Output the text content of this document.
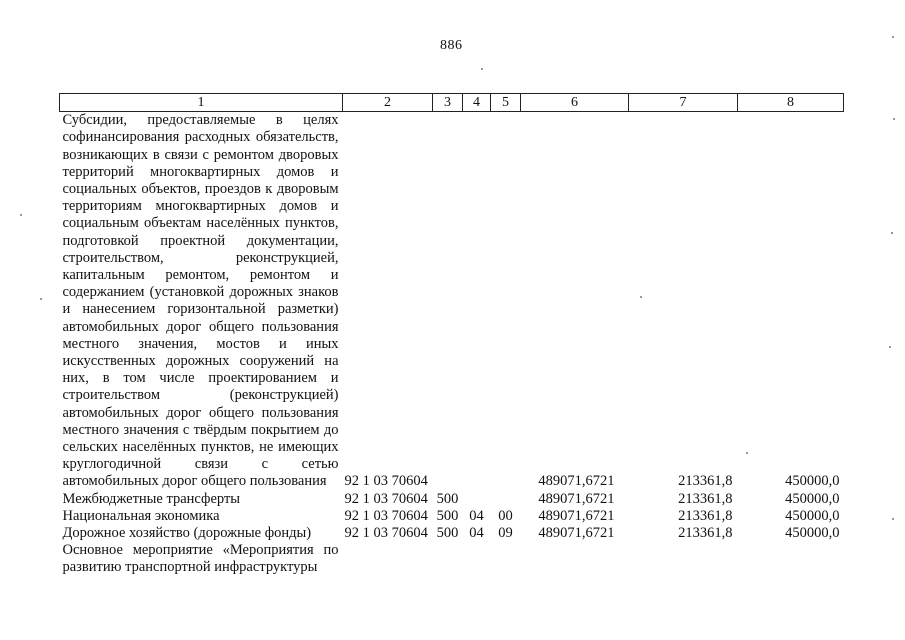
886
1	2	3	4	5	6	7	8
Субсидии, предоставляемые в целях софинансирования расходных обязательств, возникающих в связи с ремонтом дворовых территорий многоквартирных домов и социальных объектов, проездов к дворовым территориям многоквартирных домов и социальным объектам населённых пунктов, подготовкой проектной документации, строительством, реконструкцией, капитальным ремонтом, ремонтом и содержанием (установкой дорожных знаков и нанесением горизонтальной разметки) автомобильных дорог общего пользования местного значения, мостов и иных искусственных дорожных сооружений на них, в том числе проектированием и строительством (реконструкцией) автомобильных дорог общего пользования местного значения с твёрдым покрытием до сельских населённых пунктов, не имеющих круглогодичной связи с сетью автомобильных дорог общего пользования	92 1 03 70604				489071,6721	213361,8	450000,0
Межбюджетные трансферты	92 1 03 70604	500			489071,6721	213361,8	450000,0
Национальная экономика	92 1 03 70604	500	04	00	489071,6721	213361,8	450000,0
Дорожное хозяйство (дорожные фонды)	92 1 03 70604	500	04	09	489071,6721	213361,8	450000,0
Основное мероприятие «Мероприятия по развитию транспортной инфраструктуры							
